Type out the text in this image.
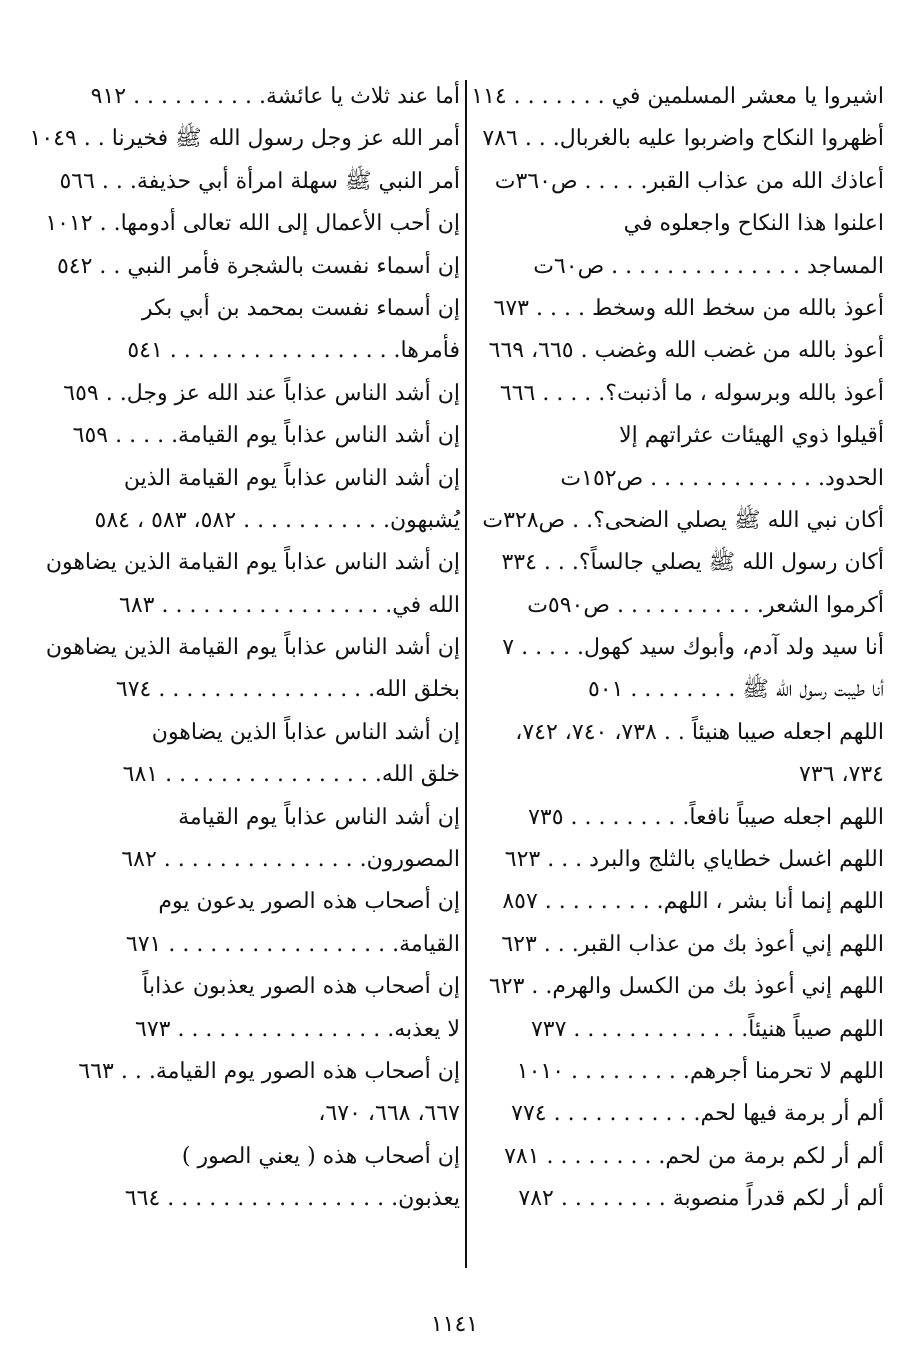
اشيروا يا معشر المسلمين في . . . . . . . ١١٤
أظهروا النكاح واضربوا عليه بالغربال. . . ٧٨٦
أعاذك الله من عذاب القبر. . . . . ص٣٦٠ت
اعلنوا هذا النكاح واجعلوه في
المساجد . . . . . . . . . . . . . . ص٦٠ت
أعوذ بالله من سخط الله وسخط . . . . ٦٧٣
أعوذ بالله من غضب الله وغضب . ٦٦٥، ٦٦٩
أعوذ بالله وبرسوله ، ما أذنبت؟. . . . . ٦٦٦
أقيلوا ذوي الهيئات عثراتهم إلا
الحدود. . . . . . . . . . . . . ص١٥٢ت
أكان نبي الله ﷺ يصلي الضحى؟. . ص٣٢٨ت
أكان رسول الله ﷺ يصلي جالساً؟. . . ٣٣٤
أكرموا الشعر. . . . . . . . . . . ص٥٩٠ت
أنا سيد ولد آدم، وأبوك سيد كهول. . . . . ٧
أنا طيبت رسول الله ﷺ . . . . . . . . ٥٠١
اللهم اجعله صيبا هنيئاً . . ٧٣٨، ٧٤٠، ٧٤٢،
٧٣٤، ٧٣٦
اللهم اجعله صيباً نافعاً. . . . . . . . . ٧٣٥
اللهم اغسل خطاياي بالثلج والبرد . . . ٦٢٣
اللهم إنما أنا بشر ، اللهم. . . . . . . . . ٨٥٧
اللهم إني أعوذ بك من عذاب القبر. . . ٦٢٣
اللهم إني أعوذ بك من الكسل والهرم. . ٦٢٣
اللهم صيباً هنيئاً. . . . . . . . . . . . . ٧٣٧
اللهم لا تحرمنا أجرهم. . . . . . . . . ١٠١٠
ألم أر برمة فيها لحم. . . . . . . . . . . ٧٧٤
ألم أر لكم برمة من لحم. . . . . . . . . ٧٨١
ألم أر لكم قدراً منصوبة . . . . . . . . ٧٨٢
أما عند ثلاث يا عائشة. . . . . . . . . . ٩١٢
أمر الله عز وجل رسول الله ﷺ فخيرنا . . ١٠٤٩
أمر النبي ﷺ سهلة امرأة أبي حذيفة. . . ٥٦٦
إن أحب الأعمال إلى الله تعالى أدومها. . ١٠١٢
إن أسماء نفست بالشجرة فأمر النبي . . ٥٤٢
إن أسماء نفست بمحمد بن أبي بكر
فأمرها. . . . . . . . . . . . . . . . . ٥٤١
إن أشد الناس عذاباً عند الله عز وجل. . ٦٥٩
إن أشد الناس عذاباً يوم القيامة. . . . . ٦٥٩
إن أشد الناس عذاباً يوم القيامة الذين
يُشبهون. . . . . . . . . . . ٥٨٢، ٥٨٣ ، ٥٨٤
إن أشد الناس عذاباً يوم القيامة الذين يضاهون
الله في. . . . . . . . . . . . . . . . . ٦٨٣
إن أشد الناس عذاباً يوم القيامة الذين يضاهون
بخلق الله. . . . . . . . . . . . . . . . ٦٧٤
إن أشد الناس عذاباً الذين يضاهون
خلق الله. . . . . . . . . . . . . . . . ٦٨١
إن أشد الناس عذاباً يوم القيامة
المصورون. . . . . . . . . . . . . . . ٦٨٢
إن أصحاب هذه الصور يدعون يوم
القيامة. . . . . . . . . . . . . . . . . ٦٧١
إن أصحاب هذه الصور يعذبون عذاباً
لا يعذبه. . . . . . . . . . . . . . . . ٦٧٣
إن أصحاب هذه الصور يوم القيامة. . . ٦٦٣
٦٦٧، ٦٦٨، ٦٧٠،
إن أصحاب هذه ( يعني الصور )
يعذبون. . . . . . . . . . . . . . . . . ٦٦٤
١١٤١
